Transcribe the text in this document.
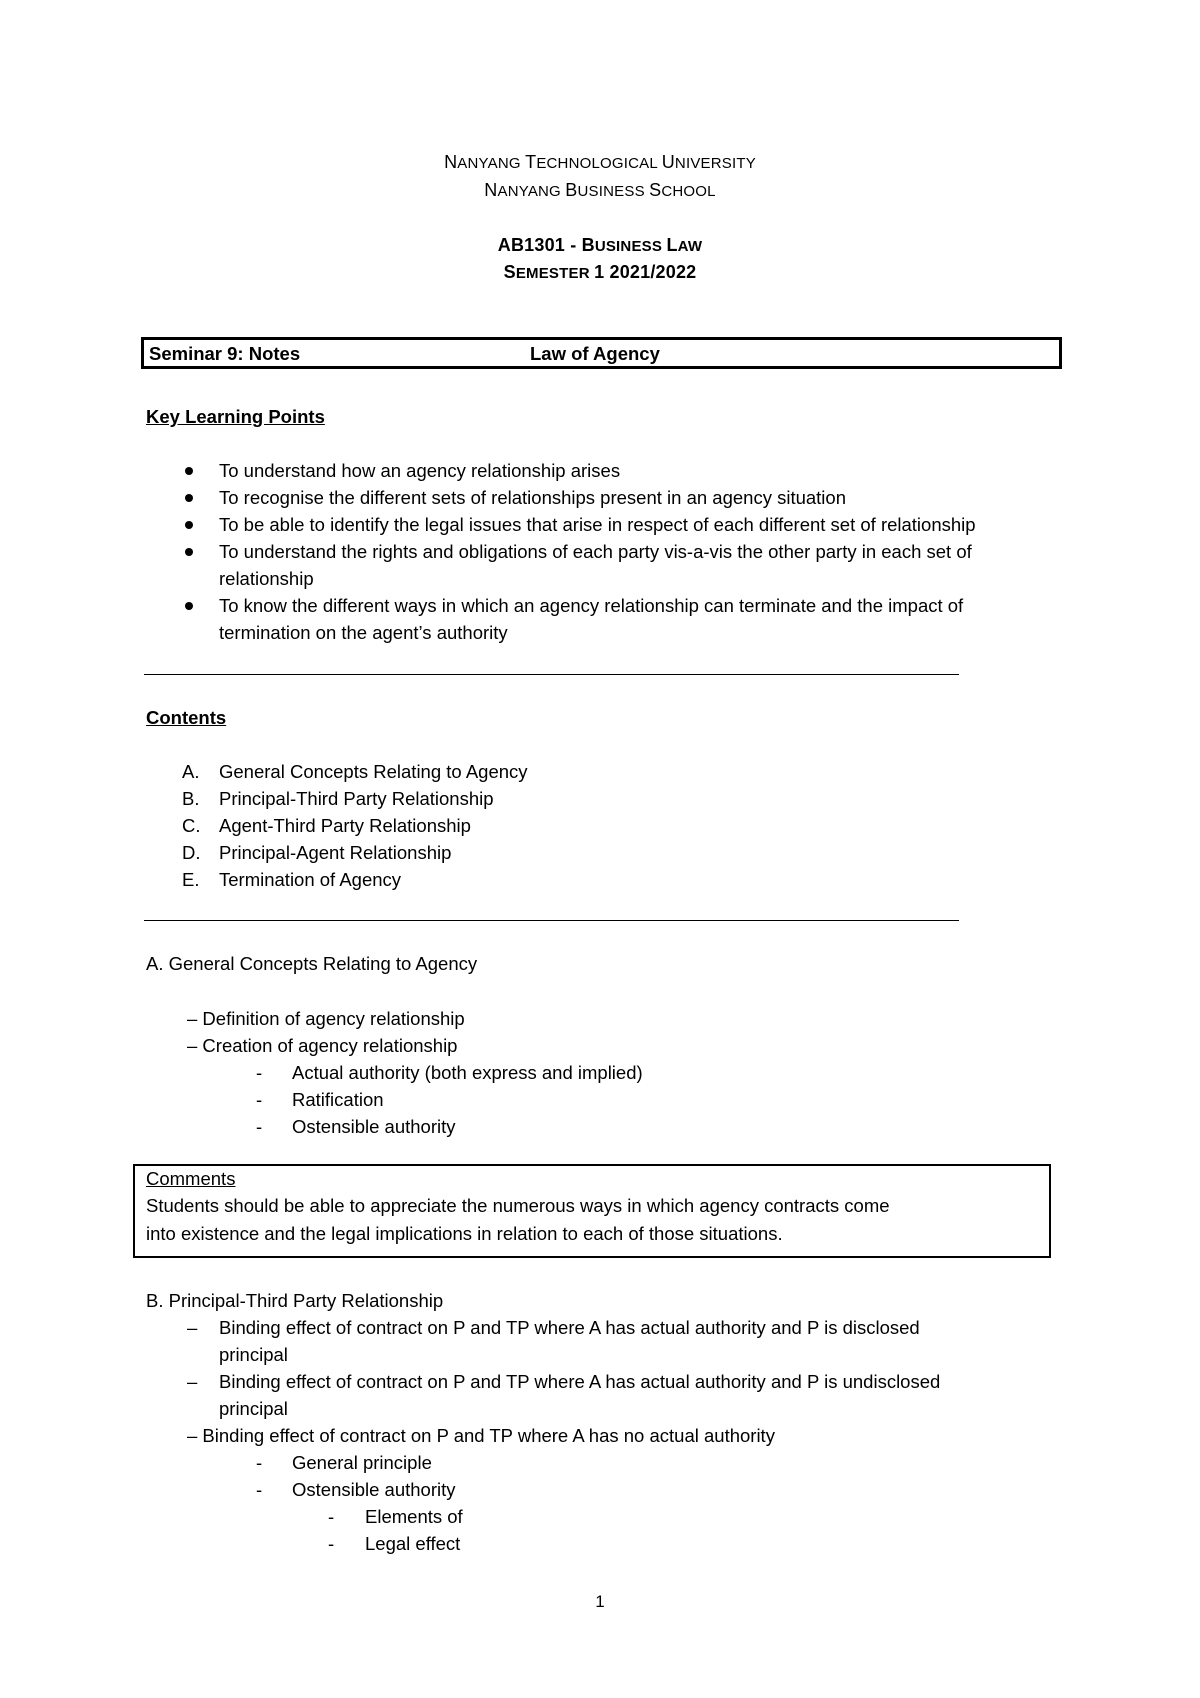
NANYANG TECHNOLOGICAL UNIVERSITY
NANYANG BUSINESS SCHOOL
AB1301 - BUSINESS LAW
SEMESTER 1 2021/2022
Seminar 9: Notes	Law of Agency
Key Learning Points
To understand how an agency relationship arises
To recognise the different sets of relationships present in an agency situation
To be able to identify the legal issues that arise in respect of each different set of relationship
To understand the rights and obligations of each party vis-a-vis the other party in each set of
relationship
To know the different ways in which an agency relationship can terminate and the impact of
termination on the agent’s authority
Contents
A. General Concepts Relating to Agency
B. Principal-Third Party Relationship
C. Agent-Third Party Relationship
D. Principal-Agent Relationship
E. Termination of Agency
A. General Concepts Relating to Agency
– Definition of agency relationship
– Creation of agency relationship
- Actual authority (both express and implied)
- Ratification
- Ostensible authority
Comments
Students should be able to appreciate the numerous ways in which agency contracts come
into existence and the legal implications in relation to each of those situations.
B. Principal-Third Party Relationship
– Binding effect of contract on P and TP where A has actual authority and P is disclosed
principal
– Binding effect of contract on P and TP where A has actual authority and P is undisclosed
principal
– Binding effect of contract on P and TP where A has no actual authority
- General principle
- Ostensible authority
- Elements of
- Legal effect
1
